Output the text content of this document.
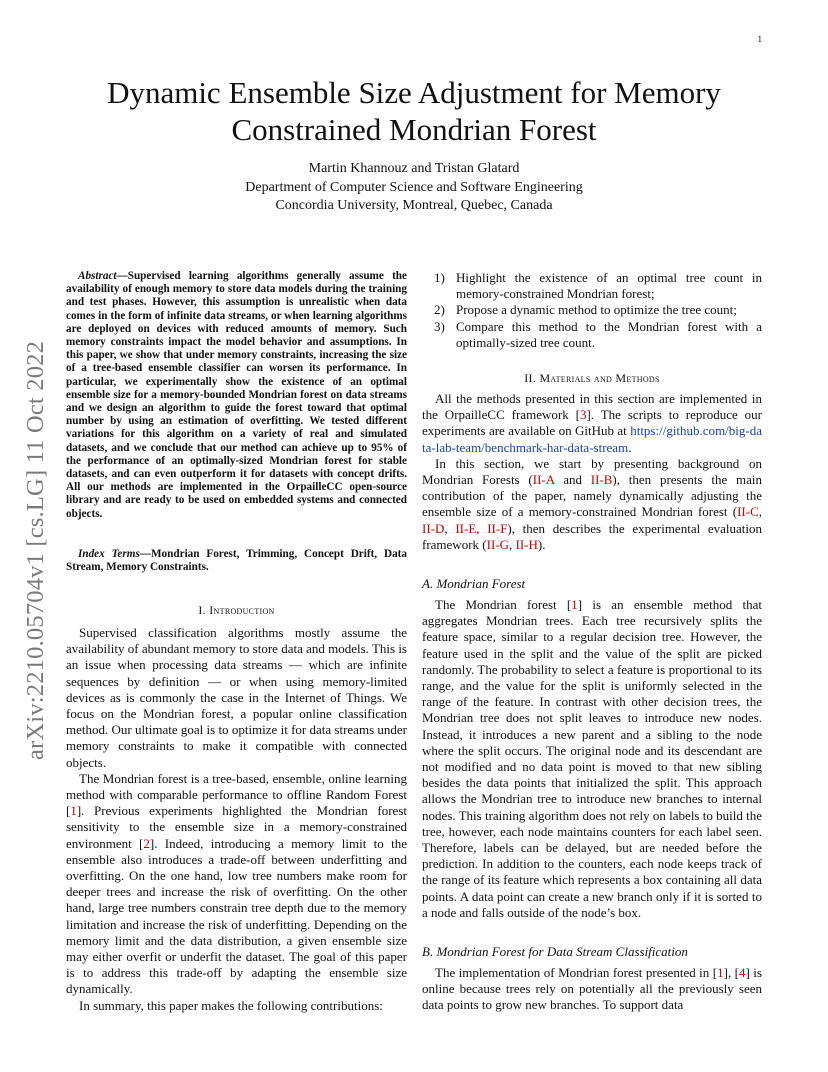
1
arXiv:2210.05704v1 [cs.LG] 11 Oct 2022
Dynamic Ensemble Size Adjustment for Memory Constrained Mondrian Forest
Martin Khannouz and Tristan Glatard
Department of Computer Science and Software Engineering
Concordia University, Montreal, Quebec, Canada
Abstract—Supervised learning algorithms generally assume the availability of enough memory to store data models during the training and test phases. However, this assumption is unrealistic when data comes in the form of infinite data streams, or when learning algorithms are deployed on devices with reduced amounts of memory. Such memory constraints impact the model behavior and assumptions. In this paper, we show that under memory constraints, increasing the size of a tree-based ensemble classifier can worsen its performance. In particular, we experimentally show the existence of an optimal ensemble size for a memory-bounded Mondrian forest on data streams and we design an algorithm to guide the forest toward that optimal number by using an estimation of overfitting. We tested different variations for this algorithm on a variety of real and simulated datasets, and we conclude that our method can achieve up to 95% of the performance of an optimally-sized Mondrian forest for stable datasets, and can even outperform it for datasets with concept drifts. All our methods are implemented in the OrpailleCC open-source library and are ready to be used on embedded systems and connected objects.
Index Terms—Mondrian Forest, Trimming, Concept Drift, Data Stream, Memory Constraints.
I. Introduction

Supervised classification algorithms mostly assume the availability of abundant memory to store data and models. This is an issue when processing data streams — which are infinite sequences by definition — or when using memory-limited devices as is commonly the case in the Internet of Things. We focus on the Mondrian forest, a popular online classification method. Our ultimate goal is to optimize it for data streams under memory constraints to make it compatible with connected objects.

The Mondrian forest is a tree-based, ensemble, online learning method with comparable performance to offline Random Forest [1]. Previous experiments highlighted the Mondrian forest sensitivity to the ensemble size in a memory-constrained environment [2]. Indeed, introducing a memory limit to the ensemble also introduces a trade-off between underfitting and overfitting. On the one hand, low tree numbers make room for deeper trees and increase the risk of overfitting. On the other hand, large tree numbers constrain tree depth due to the memory limitation and increase the risk of underfitting. Depending on the memory limit and the data distribution, a given ensemble size may either overfit or underfit the dataset. The goal of this paper is to address this trade-off by adapting the ensemble size dynamically.

In summary, this paper makes the following contributions:

1) Highlight the existence of an optimal tree count in memory-constrained Mondrian forest;
2) Propose a dynamic method to optimize the tree count;
3) Compare this method to the Mondrian forest with a optimally-sized tree count.
II. Materials and Methods

All the methods presented in this section are implemented in the OrpailleCC framework [3]. The scripts to reproduce our experiments are available on GitHub at https://github.com/big-data-lab-team/benchmark-har-data-stream.

In this section, we start by presenting background on Mondrian Forests (II-A and II-B), then presents the main contribution of the paper, namely dynamically adjusting the ensemble size of a memory-constrained Mondrian forest (II-C, II-D, II-E, II-F), then describes the experimental evaluation framework (II-G, II-H).

A. Mondrian Forest

The Mondrian forest [1] is an ensemble method that aggregates Mondrian trees. Each tree recursively splits the feature space, similar to a regular decision tree. However, the feature used in the split and the value of the split are picked randomly. The probability to select a feature is proportional to its range, and the value for the split is uniformly selected in the range of the feature. In contrast with other decision trees, the Mondrian tree does not split leaves to introduce new nodes. Instead, it introduces a new parent and a sibling to the node where the split occurs. The original node and its descendant are not modified and no data point is moved to that new sibling besides the data points that initialized the split. This approach allows the Mondrian tree to introduce new branches to internal nodes. This training algorithm does not rely on labels to build the tree, however, each node maintains counters for each label seen. Therefore, labels can be delayed, but are needed before the prediction. In addition to the counters, each node keeps track of the range of its feature which represents a box containing all data points. A data point can create a new branch only if it is sorted to a node and falls outside of the node’s box.

B. Mondrian Forest for Data Stream Classification

The implementation of Mondrian forest presented in [1], [4] is online because trees rely on potentially all the previously seen data points to grow new branches. To support data
